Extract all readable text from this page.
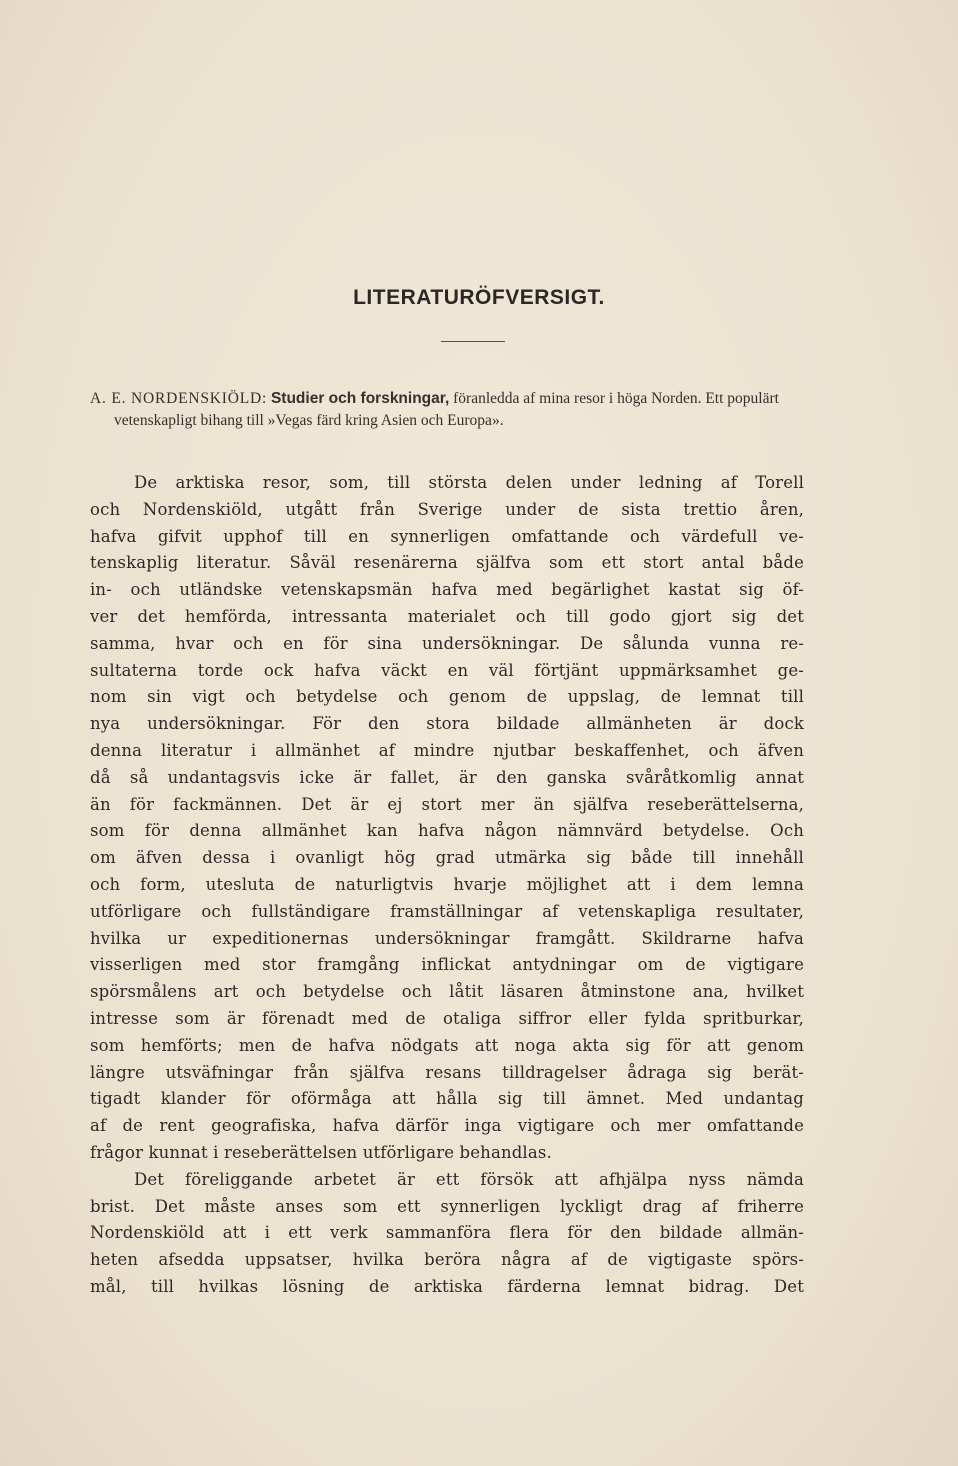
LITERATURÖFVERSIGT.
A. E. NORDENSKIÖLD: Studier och forskningar, föranledda af mina resor i höga Norden. Ett populärt vetenskapligt bihang till »Vegas färd kring Asien och Europa».
De arktiska resor, som, till största delen under ledning af Torell
och Nordenskiöld, utgått från Sverige under de sista trettio åren,
hafva gifvit upphof till en synnerligen omfattande och värdefull ve-
tenskaplig literatur. Såväl resenärerna själfva som ett stort antal både
in- och utländske vetenskapsmän hafva med begärlighet kastat sig öf-
ver det hemförda, intressanta materialet och till godo gjort sig det
samma, hvar och en för sina undersökningar. De sålunda vunna re-
sultaterna torde ock hafva väckt en väl förtjänt uppmärksamhet ge-
nom sin vigt och betydelse och genom de uppslag, de lemnat till
nya undersökningar. För den stora bildade allmänheten är dock
denna literatur i allmänhet af mindre njutbar beskaffenhet, och äfven
då så undantagsvis icke är fallet, är den ganska svåråtkomlig annat
än för fackmännen. Det är ej stort mer än själfva reseberättelserna,
som för denna allmänhet kan hafva någon nämnvärd betydelse. Och
om äfven dessa i ovanligt hög grad utmärka sig både till innehåll
och form, utesluta de naturligtvis hvarje möjlighet att i dem lemna
utförligare och fullständigare framställningar af vetenskapliga resultater,
hvilka ur expeditionernas undersökningar framgått. Skildrarne hafva
visserligen med stor framgång inflickat antydningar om de vigtigare
spörsmålens art och betydelse och låtit läsaren åtminstone ana, hvilket
intresse som är förenadt med de otaliga siffror eller fylda spritburkar,
som hemförts; men de hafva nödgats att noga akta sig för att genom
längre utsväfningar från själfva resans tilldragelser ådraga sig berät-
tigadt klander för oförmåga att hålla sig till ämnet. Med undantag
af de rent geografiska, hafva därför inga vigtigare och mer omfattande
frågor kunnat i reseberättelsen utförligare behandlas.
Det föreliggande arbetet är ett försök att afhjälpa nyss nämda
brist. Det måste anses som ett synnerligen lyckligt drag af friherre
Nordenskiöld att i ett verk sammanföra flera för den bildade allmän-
heten afsedda uppsatser, hvilka beröra några af de vigtigaste spörs-
mål, till hvilkas lösning de arktiska färderna lemnat bidrag. Det
